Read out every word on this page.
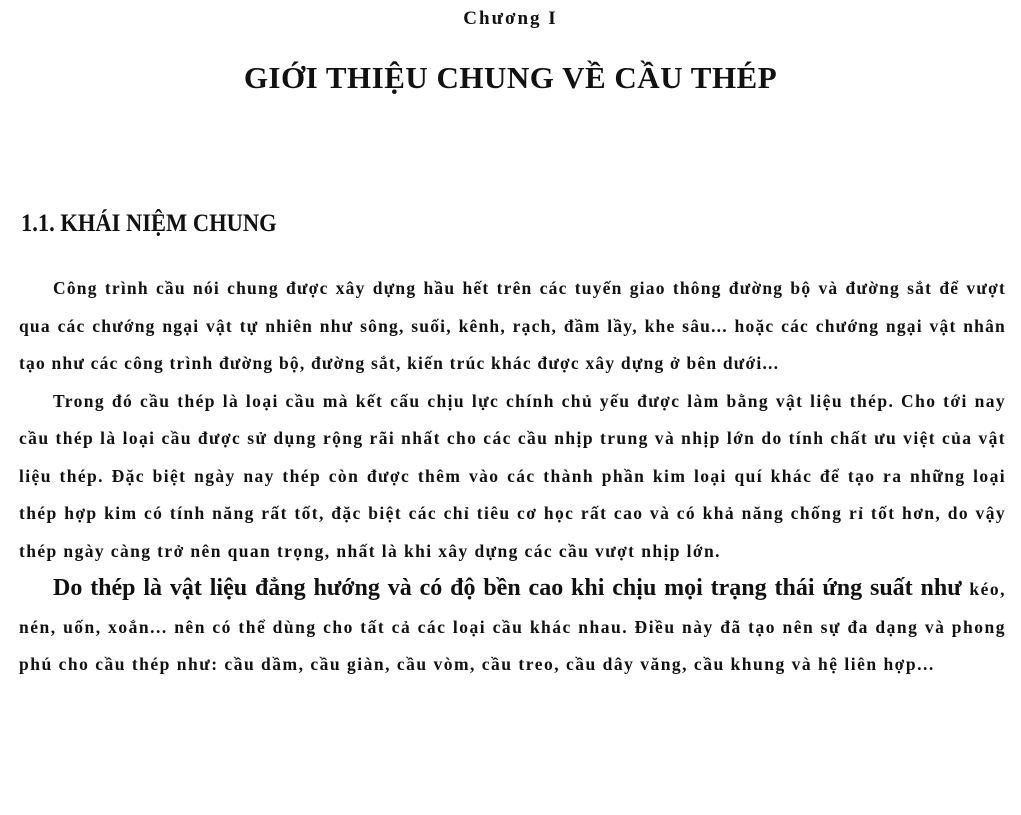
Chương I
GIỚI THIỆU CHUNG VỀ CẦU THÉP
1.1. KHÁI NIỆM CHUNG

Công trình cầu nói chung được xây dựng hầu hết trên các tuyến giao thông đường bộ và đường sắt để vượt qua các chướng ngại vật tự nhiên như sông, suối, kênh, rạch, đầm lầy, khe sâu... hoặc các chướng ngại vật nhân tạo như các công trình đường bộ, đường sắt, kiến trúc khác được xây dựng ở bên dưới...

Trong đó cầu thép là loại cầu mà kết cấu chịu lực chính chủ yếu được làm bằng vật liệu thép. Cho tới nay cầu thép là loại cầu được sử dụng rộng rãi nhất cho các cầu nhịp trung và nhịp lớn do tính chất ưu việt của vật liệu thép. Đặc biệt ngày nay thép còn được thêm vào các thành phần kim loại quí khác để tạo ra những loại thép hợp kim có tính năng rất tốt, đặc biệt các chỉ tiêu cơ học rất cao và có khả năng chống rỉ tốt hơn, do vậy thép ngày càng trở nên quan trọng, nhất là khi xây dựng các cầu vượt nhịp lớn.

Do thép là vật liệu đẳng hướng và có độ bền cao khi chịu mọi trạng thái ứng suất như kéo, nén, uốn, xoắn... nên có thể dùng cho tất cả các loại cầu khác nhau. Điều này đã tạo nên sự đa dạng và phong phú cho cầu thép như: cầu dầm, cầu giàn, cầu vòm, cầu treo, cầu dây văng, cầu khung và hệ liên hợp...
